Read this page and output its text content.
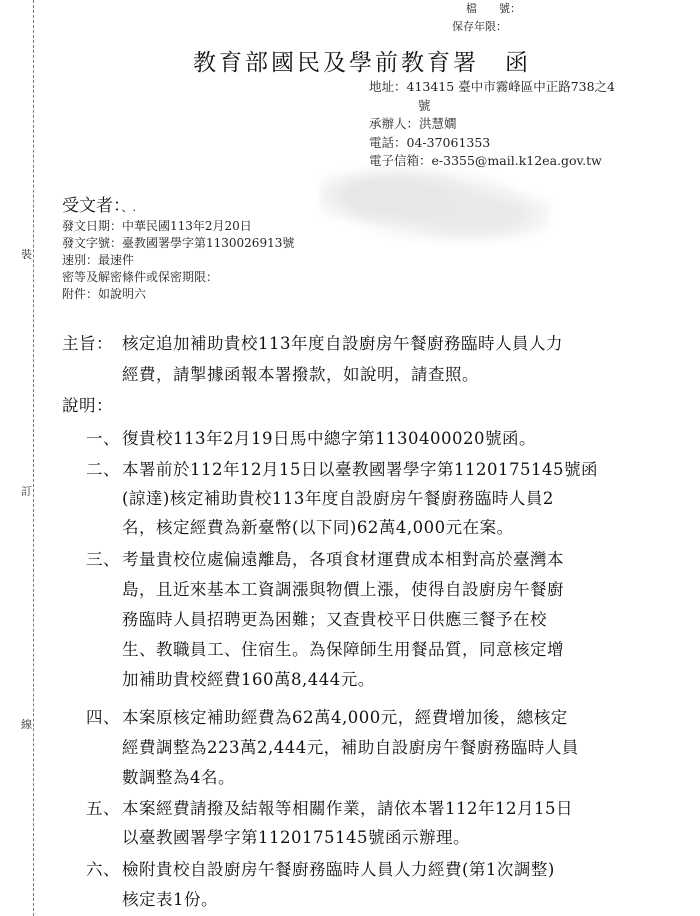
裝
訂
線
檔　　號：
保存年限：
教育部國民及學前教育署　函
地址：413415 臺中市霧峰區中正路738之4
號
承辦人：洪慧嫺
電話：04-37061353
電子信箱：e-3355@mail.k12ea.gov.tw
受文者：、.
發文日期：中華民國113年2月20日
發文字號：臺教國署學字第1130026913號
速別：最速件
密等及解密條件或保密期限：
附件：如說明六
主旨： 核定追加補助貴校113年度自設廚房午餐廚務臨時人員人力
經費，請掣據函報本署撥款，如說明，請查照。
說明：
一、 復貴校113年2月19日馬中總字第1130400020號函。
二、 本署前於112年12月15日以臺教國署學字第1120175145號函
(諒達)核定補助貴校113年度自設廚房午餐廚務臨時人員2
名，核定經費為新臺幣(以下同)62萬4,000元在案。
三、 考量貴校位處偏遠離島，各項食材運費成本相對高於臺灣本
島，且近來基本工資調漲與物價上漲，使得自設廚房午餐廚
務臨時人員招聘更為困難；又查貴校平日供應三餐予在校
生、教職員工、住宿生。為保障師生用餐品質，同意核定增
加補助貴校經費160萬8,444元。
四、 本案原核定補助經費為62萬4,000元，經費增加後，總核定
經費調整為223萬2,444元，補助自設廚房午餐廚務臨時人員
數調整為4名。
五、 本案經費請撥及結報等相關作業，請依本署112年12月15日
以臺教國署學字第1120175145號函示辦理。
六、 檢附貴校自設廚房午餐廚務臨時人員人力經費(第1次調整)
核定表1份。
